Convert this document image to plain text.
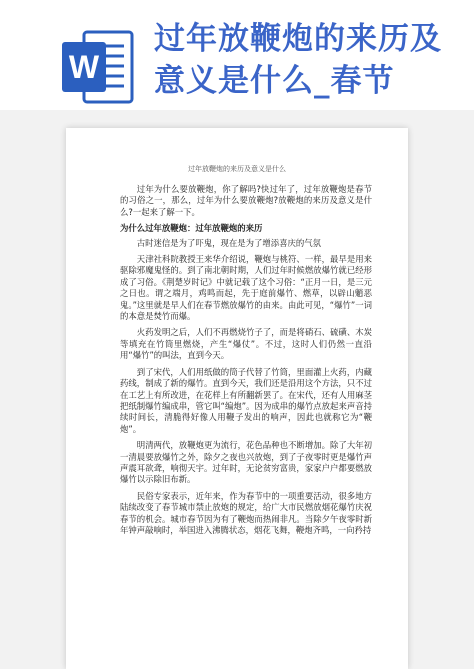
W
过年放鞭炮的来历及意义是什么_春节
过年放鞭炮的来历及意义是什么

过年为什么要放鞭炮，你了解吗?快过年了，过年放鞭炮是春节的习俗之一，那么，过年为什么要放鞭炮?放鞭炮的来历及意义是什么?一起来了解一下。

为什么过年放鞭炮：过年放鞭炮的来历

古时迷信是为了吓鬼，现在是为了增添喜庆的气氛

天津社科院教授王来华介绍说，鞭炮与桃符、一样，最早是用来驱除邪魔鬼怪的。到了南北朝时期，人们过年时候燃放爆竹就已经形成了习俗。《荆楚岁时记》中就记载了这个习俗：“正月一日，是三元之日也。谓之端月，鸡鸣而起，先于庭前爆竹、燃草，以辟山魈恶鬼。”这里就是早人们在春节燃放爆竹的由来。由此可见，“爆竹”一词的本意是焚竹而爆。

火药发明之后，人们不再燃烧竹子了，而是将硝石、硫磺、木炭等填充在竹筒里燃烧，产生“爆仗”。不过，这时人们仍然一直沿用“爆竹”的叫法，直到今天。

到了宋代，人们用纸做的筒子代替了竹筒，里面灌上火药，内藏药线，制成了新的爆竹。直到今天，我们还是沿用这个方法，只不过在工艺上有所改进，在花样上有所翻新罢了。在宋代，还有人用麻茎把纸制爆竹编成串，管它叫“编炮”。因为成串的爆竹点放起来声音持续时间长，清脆得好像人用鞭子发出的响声，因此也就称它为“鞭炮”。

明清两代，放鞭炮更为流行，花色品种也不断增加。除了大年初一清晨要放爆竹之外，除夕之夜也兴放炮，到了子夜零时更是爆竹声声震耳欲聋，响彻天宇。过年时，无论贫穷富贵，家家户户都要燃放爆竹以示除旧布新。

民俗专家表示，近年来，作为春节中的一项重要活动，很多地方陆续改变了春节城市禁止放炮的规定，给广大市民燃放烟花爆竹庆祝春节的机会。城市春节因为有了鞭炮而热闹非凡。当除夕午夜零时新年钟声敲响时，举国进入沸腾状态，烟花飞舞，鞭炮齐鸣，一向矜持
